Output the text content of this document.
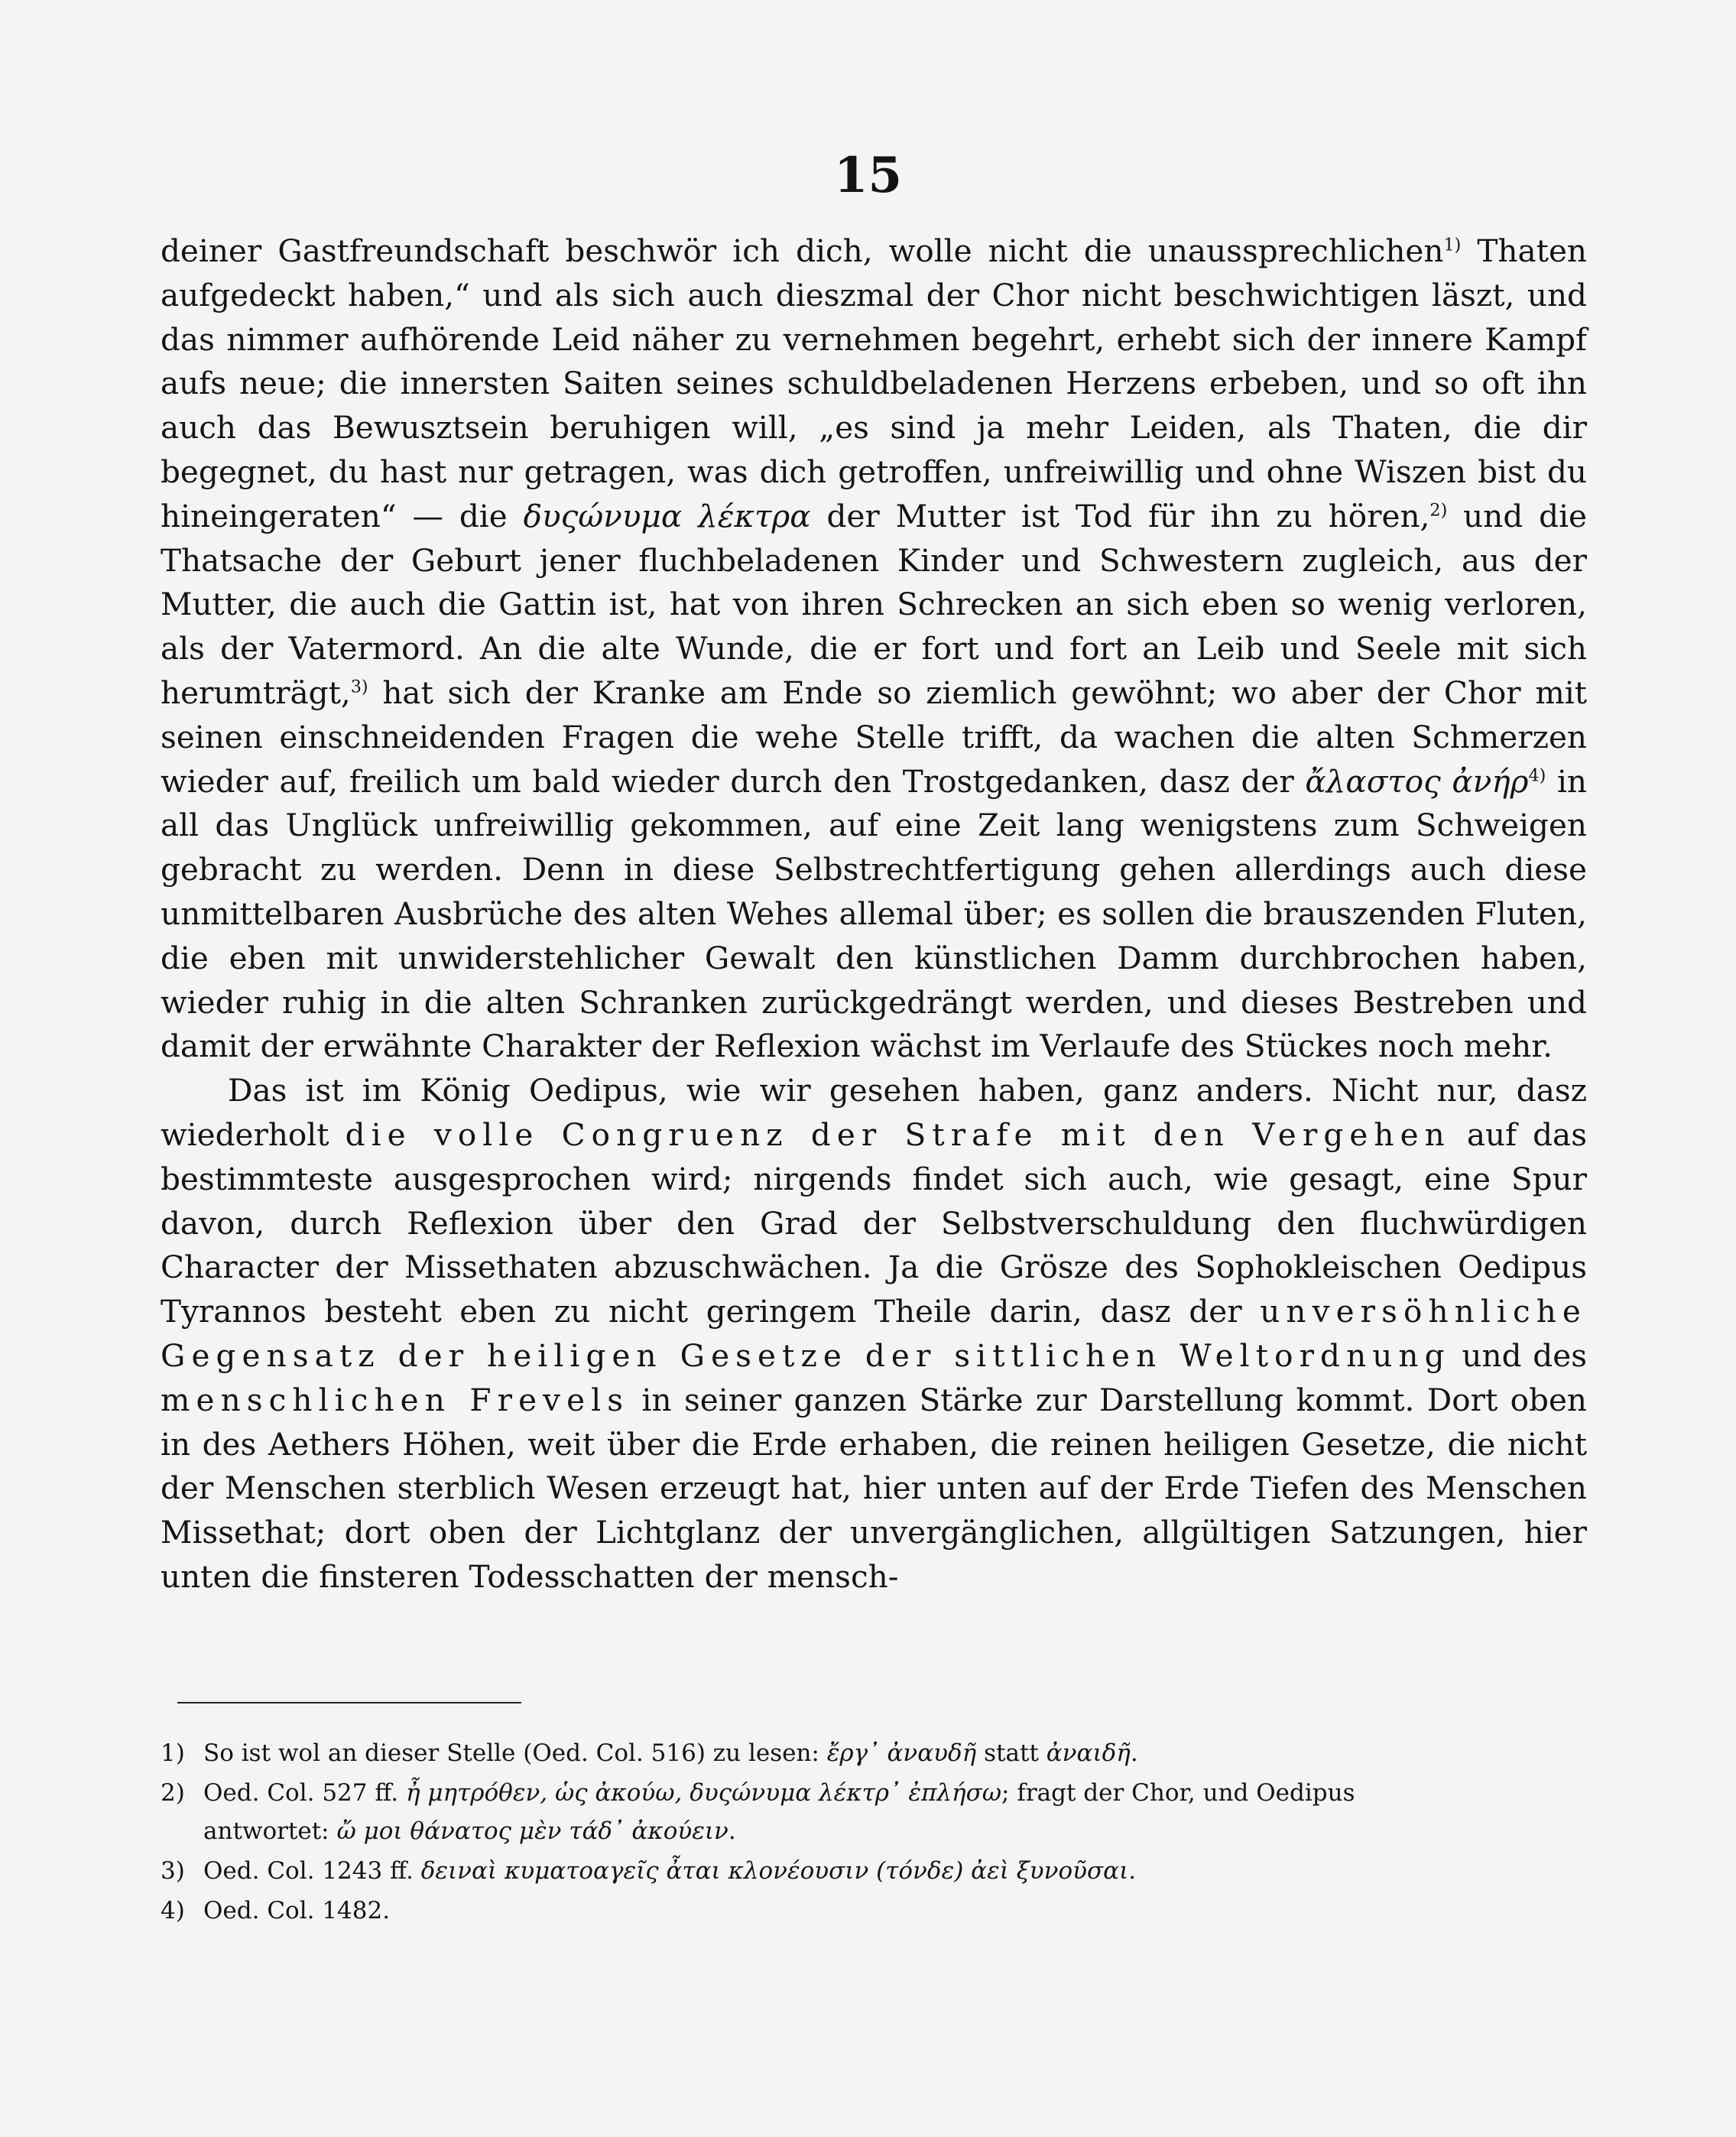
15

deiner Gastfreundschaft beschwör ich dich, wolle nicht die unaussprechlichen$^{1)}$ Thaten aufgedeckt haben,“ und als sich auch dieszmal der Chor nicht beschwichtigen läszt, und das nimmer aufhörende Leid näher zu vernehmen begehrt, erhebt sich der innere Kampf aufs neue; die innersten Saiten seines schuldbeladenen Herzens erbeben, und so oft ihn auch das Bewusztsein beruhigen will, „es sind ja mehr Leiden, als Thaten, die dir begegnet, du hast nur getragen, was dich getroffen, unfreiwillig und ohne Wiszen bist du hineingeraten“ — die δυςώνυμα λέκτρα der Mutter ist Tod für ihn zu hören,$^{2)}$ und die Thatsache der Geburt jener fluchbeladenen Kinder und Schwestern zugleich, aus der Mutter, die auch die Gattin ist, hat von ihren Schrecken an sich eben so wenig verloren, als der Vatermord. An die alte Wunde, die er fort und fort an Leib und Seele mit sich herumträgt,$^{3)}$ hat sich der Kranke am Ende so ziemlich gewöhnt; wo aber der Chor mit seinen einschneidenden Fragen die wehe Stelle trifft, da wachen die alten Schmerzen wieder auf, freilich um bald wieder durch den Trostgedanken, dasz der ἄλαστος ἀνήρ$^{4)}$ in all das Unglück unfreiwillig gekommen, auf eine Zeit lang wenigstens zum Schweigen gebracht zu werden. Denn in diese Selbstrechtfertigung gehen allerdings auch diese unmittelbaren Ausbrüche des alten Wehes allemal über; es sollen die brauszenden Fluten, die eben mit unwiderstehlicher Gewalt den künstlichen Damm durchbrochen haben, wieder ruhig in die alten Schranken zurückgedrängt werden, und dieses Bestreben und damit der erwähnte Charakter der Reflexion wächst im Verlaufe des Stückes noch mehr.

Das ist im König Oedipus, wie wir gesehen haben, ganz anders. Nicht nur, dasz wiederholt die volle Congruenz der Strafe mit den Vergehen auf das bestimmteste ausgesprochen wird; nirgends findet sich auch, wie gesagt, eine Spur davon, durch Reflexion über den Grad der Selbstverschuldung den fluchwürdigen Character der Missethaten abzuschwächen. Ja die Grösze des Sophokleischen Oedipus Tyrannos besteht eben zu nicht geringem Theile darin, dasz der unversöhnliche Gegensatz der heiligen Gesetze der sittlichen Weltordnung und des menschlichen Frevels in seiner ganzen Stärke zur Darstellung kommt. Dort oben in des Aethers Höhen, weit über die Erde erhaben, die reinen heiligen Gesetze, die nicht der Menschen sterblich Wesen erzeugt hat, hier unten auf der Erde Tiefen des Menschen Missethat; dort oben der Lichtglanz der unvergänglichen, allgültigen Satzungen, hier unten die finsteren Todesschatten der mensch-

1) So ist wol an dieser Stelle (Oed. Col. 516) zu lesen: ἔργ᾽ ἀναυδῆ statt ἀναιδῆ.
2) Oed. Col. 527 ff. ἦ μητρόθεν, ὡς ἀκούω, δυςώνυμα λέκτρ᾽ ἐπλήσω; fragt der Chor, und Oedipus
antwortet: ὤ μοι θάνατος μὲν τάδ᾽ ἀκούειν.
3) Oed. Col. 1243 ff. δειναὶ κυματοαγεῖς ἆται κλονέουσιν (τόνδε) ἀεὶ ξυνοῦσαι.
4) Oed. Col. 1482.
